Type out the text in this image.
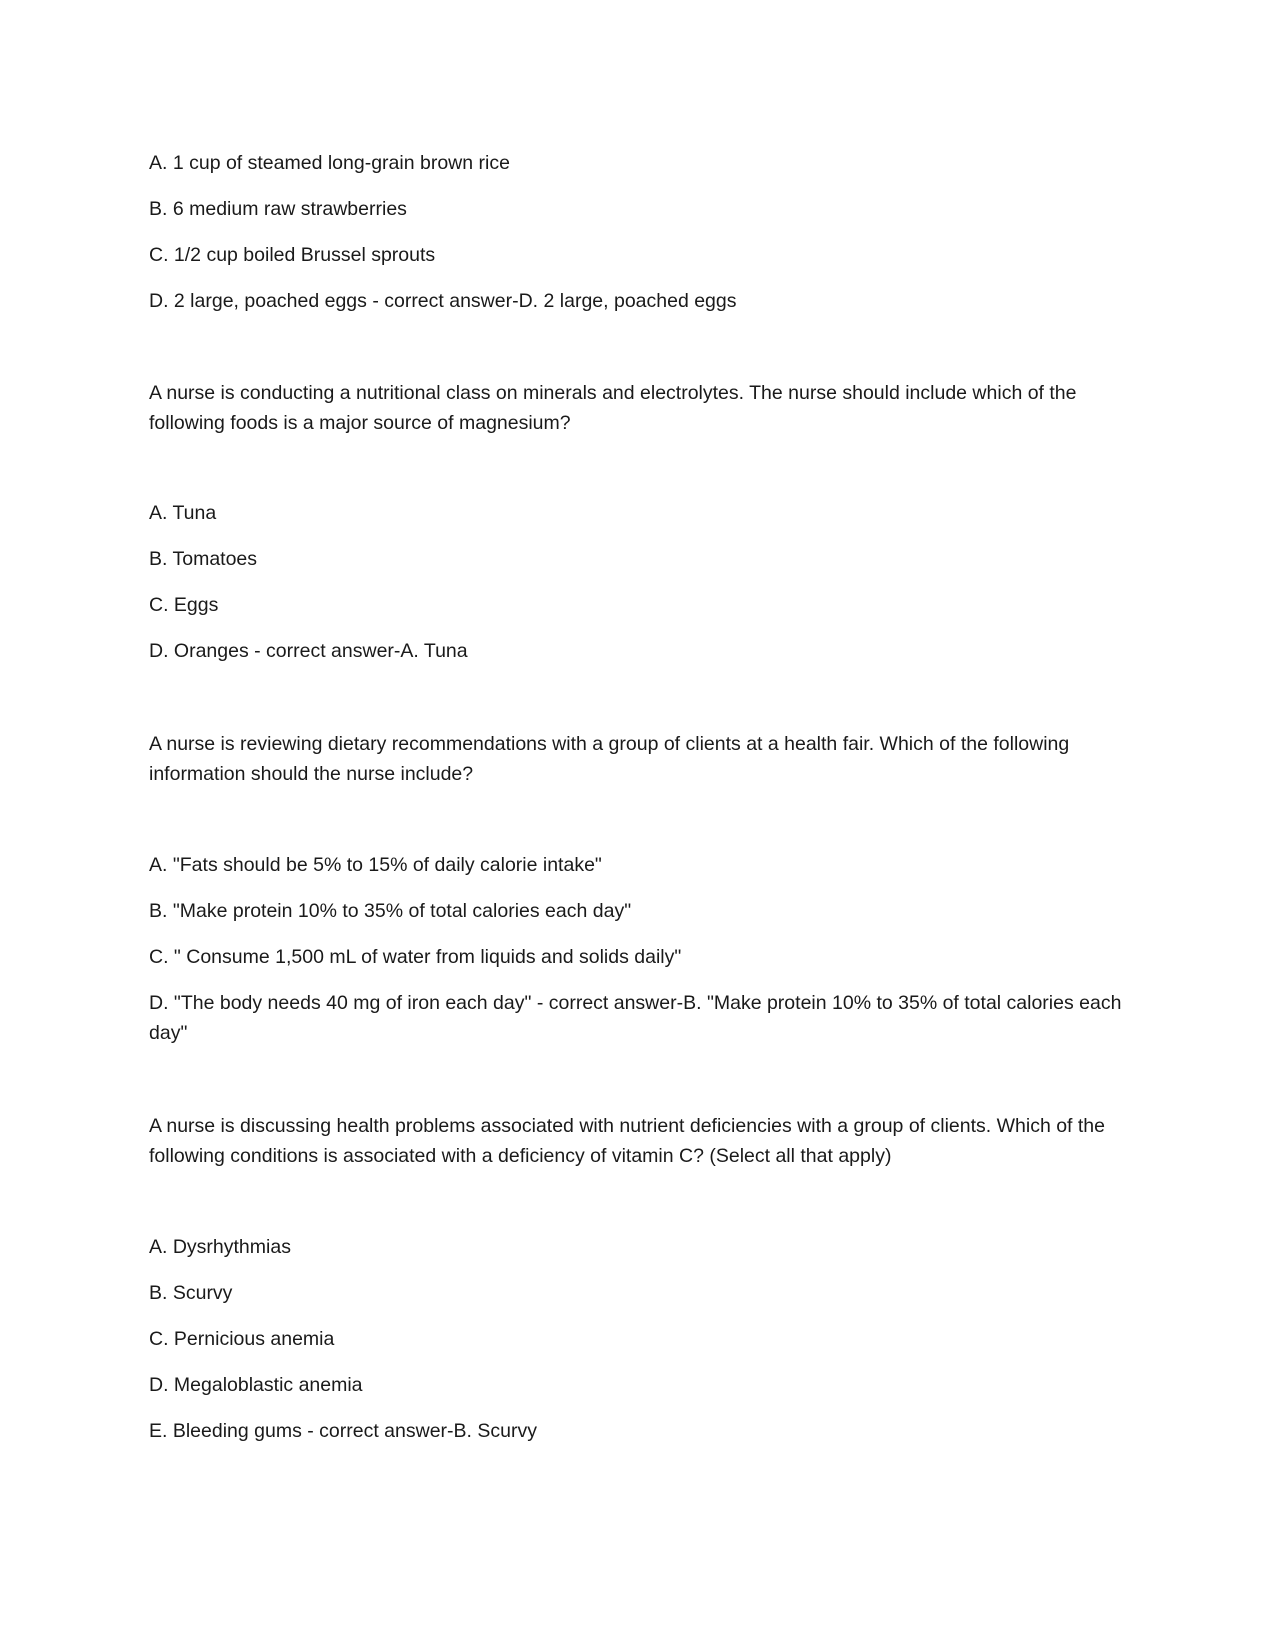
A. 1 cup of steamed long-grain brown rice

B. 6 medium raw strawberries

C. 1/2 cup boiled Brussel sprouts

D. 2 large, poached eggs - correct answer-D. 2 large, poached eggs

A nurse is conducting a nutritional class on minerals and electrolytes. The nurse should include which of the following foods is a major source of magnesium?

A. Tuna

B. Tomatoes

C. Eggs

D. Oranges - correct answer-A. Tuna

A nurse is reviewing dietary recommendations with a group of clients at a health fair. Which of the following information should the nurse include?

A. "Fats should be 5% to 15% of daily calorie intake"

B. "Make protein 10% to 35% of total calories each day"

C. " Consume 1,500 mL of water from liquids and solids daily"

D. "The body needs 40 mg of iron each day" - correct answer-B. "Make protein 10% to 35% of total calories each day"

A nurse is discussing health problems associated with nutrient deficiencies with a group of clients. Which of the following conditions is associated with a deficiency of vitamin C? (Select all that apply)

A. Dysrhythmias

B. Scurvy

C. Pernicious anemia

D. Megaloblastic anemia

E. Bleeding gums - correct answer-B. Scurvy
